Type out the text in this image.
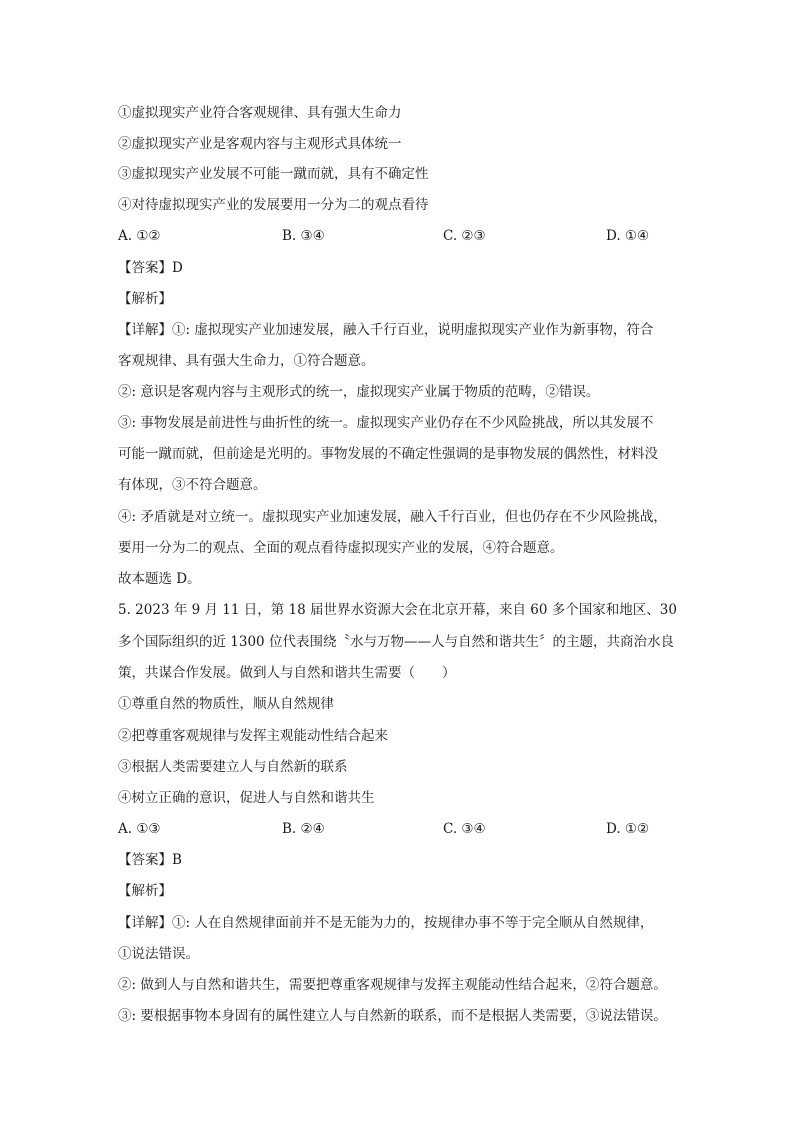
①虚拟现实产业符合客观规律、具有强大生命力
②虚拟现实产业是客观内容与主观形式具体统一
③虚拟现实产业发展不可能一蹴而就，具有不确定性
④对待虚拟现实产业的发展要用一分为二的观点看待
A. ①②	B. ③④	C. ②③	D. ①④
【答案】D
【解析】
【详解】①: 虚拟现实产业加速发展，融入千行百业，说明虚拟现实产业作为新事物，符合
客观规律、具有强大生命力，①符合题意。
②: 意识是客观内容与主观形式的统一，虚拟现实产业属于物质的范畴，②错误。
③: 事物发展是前进性与曲折性的统一。虚拟现实产业仍存在不少风险挑战，所以其发展不
可能一蹴而就，但前途是光明的。事物发展的不确定性强调的是事物发展的偶然性，材料没
有体现，③不符合题意。
④: 矛盾就是对立统一。虚拟现实产业加速发展，融入千行百业，但也仍存在不少风险挑战，
要用一分为二的观点、全面的观点看待虚拟现实产业的发展，④符合题意。
故本题选 D。
5. 2023 年 9 月 11 日，第 18 届世界水资源大会在北京开幕，来自 60 多个国家和地区、30
多个国际组织的近 1300 位代表围绕〝水与万物——人与自然和谐共生〞的主题，共商治水良
策，共谋合作发展。做到人与自然和谐共生需要（　　）
①尊重自然的物质性，顺从自然规律
②把尊重客观规律与发挥主观能动性结合起来
③根据人类需要建立人与自然新的联系
④树立正确的意识，促进人与自然和谐共生
A. ①③	B. ②④	C. ③④	D. ①②
【答案】B
【解析】
【详解】①: 人在自然规律面前并不是无能为力的，按规律办事不等于完全顺从自然规律，
①说法错误。
②: 做到人与自然和谐共生，需要把尊重客观规律与发挥主观能动性结合起来，②符合题意。
③: 要根据事物本身固有的属性建立人与自然新的联系，而不是根据人类需要，③说法错误。
